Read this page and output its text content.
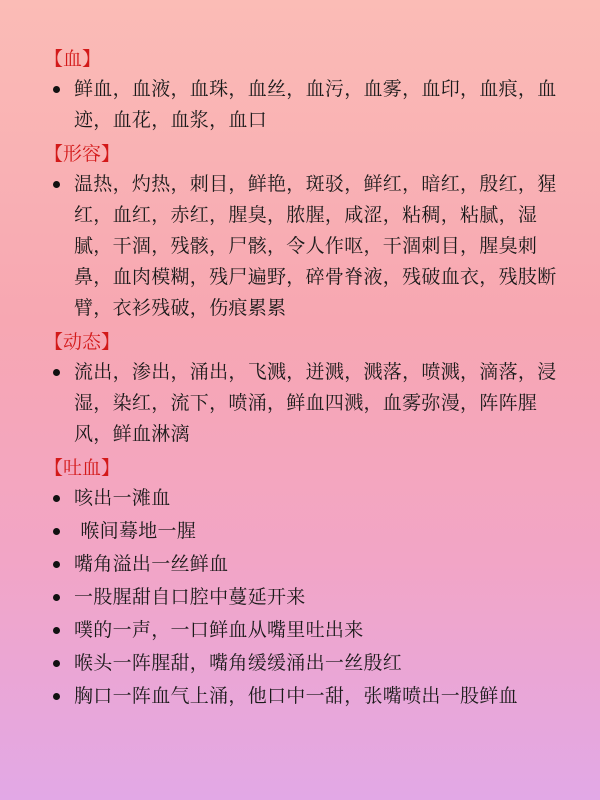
【血】
鲜血，血液，血珠，血丝，血污，血雾，血印，血痕，血迹，血花，血浆，血口
【形容】
温热，灼热，刺目，鲜艳，斑驳，鲜红，暗红，殷红，猩红，血红，赤红，腥臭，脓腥，咸涩，粘稠，粘腻，湿腻，干涸，残骸，尸骸，令人作呕，干涸刺目，腥臭刺鼻，血肉模糊，残尸遍野，碎骨脊液，残破血衣，残肢断臂，衣衫残破，伤痕累累
【动态】
流出，渗出，涌出，飞溅，迸溅，溅落，喷溅，滴落，浸湿，染红，流下，喷涌，鲜血四溅，血雾弥漫，阵阵腥风，鲜血淋漓
【吐血】
咳出一滩血
喉间蓦地一腥
嘴角溢出一丝鲜血
一股腥甜自口腔中蔓延开来
噗的一声，一口鲜血从嘴里吐出来
喉头一阵腥甜，嘴角缓缓涌出一丝殷红
胸口一阵血气上涌，他口中一甜，张嘴喷出一股鲜血
